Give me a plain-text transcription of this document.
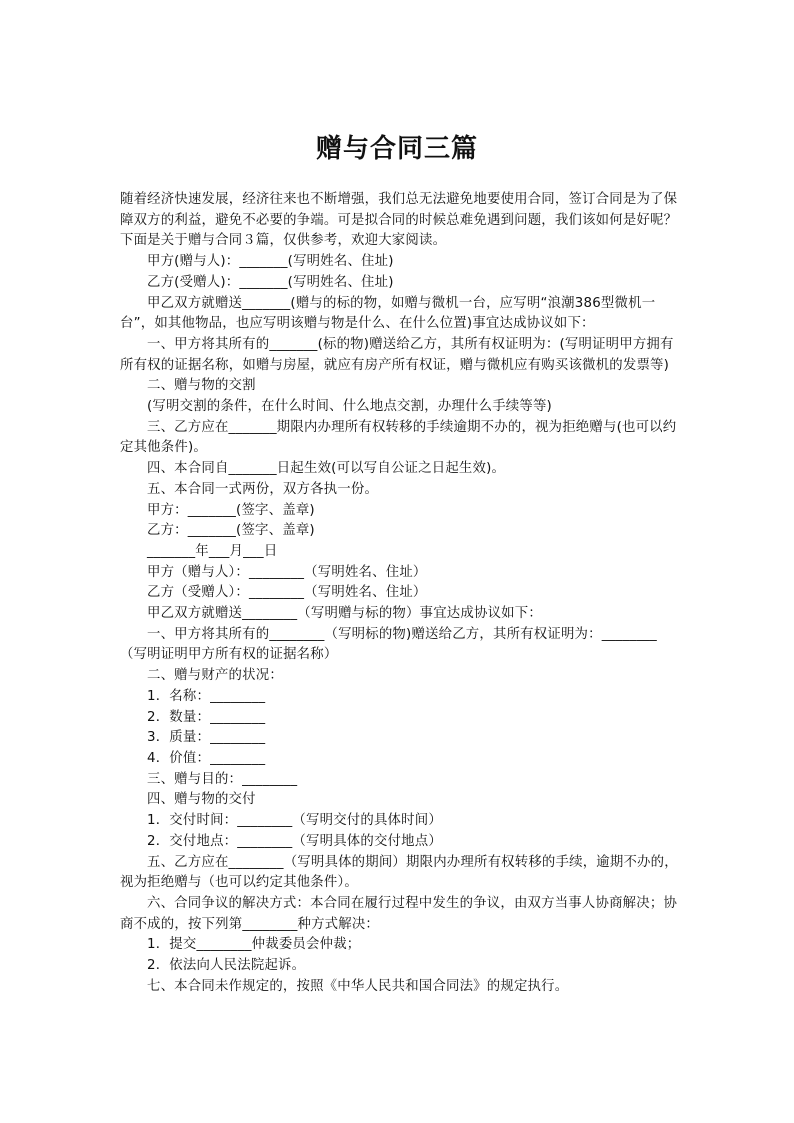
赠与合同三篇

随着经济快速发展，经济往来也不断增强，我们总无法避免地要使用合同，签订合同是为了保障双方的利益，避免不必要的争端。可是拟合同的时候总难免遇到问题，我们该如何是好呢？下面是关于赠与合同３篇，仅供参考，欢迎大家阅读。

甲方(赠与人)：_______(写明姓名、住址)

乙方(受赠人)：_______(写明姓名、住址)

甲乙双方就赠送_______(赠与的标的物，如赠与微机一台，应写明“浪潮386型微机一台”，如其他物品，也应写明该赠与物是什么、在什么位置)事宜达成协议如下：

一、甲方将其所有的_______(标的物)赠送给乙方，其所有权证明为：(写明证明甲方拥有所有权的证据名称，如赠与房屋，就应有房产所有权证，赠与微机应有购买该微机的发票等)

二、赠与物的交割

(写明交割的条件，在什么时间、什么地点交割，办理什么手续等等)

三、乙方应在_______期限内办理所有权转移的手续逾期不办的，视为拒绝赠与(也可以约定其他条件)。

四、本合同自_______日起生效(可以写自公证之日起生效)。

五、本合同一式两份，双方各执一份。

甲方：_______(签字、盖章)

乙方：_______(签字、盖章)

_______年___月___日

甲方（赠与人）：________（写明姓名、住址）

乙方（受赠人）：________（写明姓名、住址）

甲乙双方就赠送________（写明赠与标的物）事宜达成协议如下：

一、甲方将其所有的________（写明标的物)赠送给乙方，其所有权证明为：________（写明证明甲方所有权的证据名称）

二、赠与财产的状况：

1．名称：________

2．数量：________

3．质量：________

4．价值：________

三、赠与目的：________

四、赠与物的交付

1．交付时间：________（写明交付的具体时间）

2．交付地点：________（写明具体的交付地点）

五、乙方应在________（写明具体的期间）期限内办理所有权转移的手续，逾期不办的，视为拒绝赠与（也可以约定其他条件）。

六、合同争议的解决方式：本合同在履行过程中发生的争议，由双方当事人协商解决；协商不成的，按下列第________种方式解决：

1．提交________仲裁委员会仲裁；

2．依法向人民法院起诉。

七、本合同未作规定的，按照《中华人民共和国合同法》的规定执行。
